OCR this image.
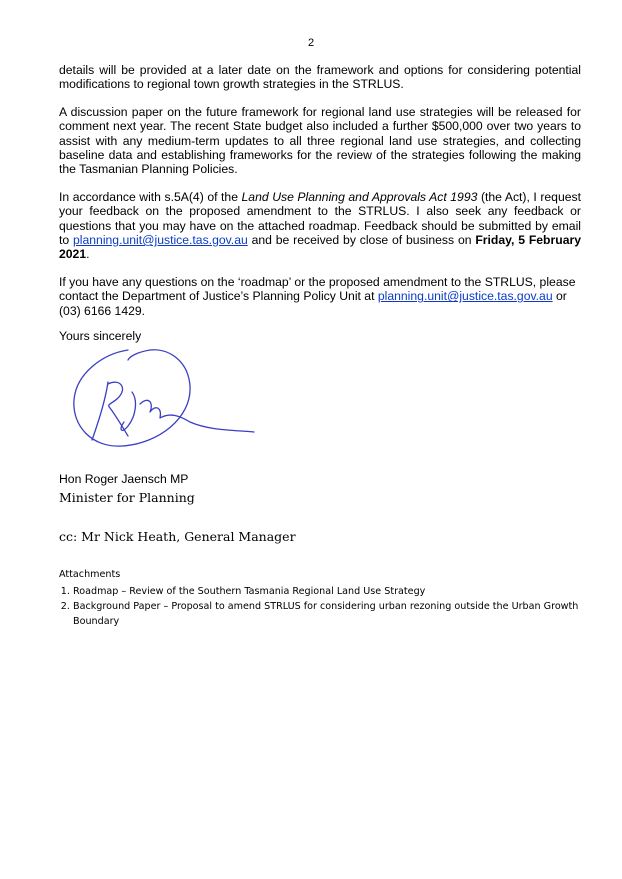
2

details will be provided at a later date on the framework and options for considering potential modifications to regional town growth strategies in the STRLUS.

A discussion paper on the future framework for regional land use strategies will be released for comment next year. The recent State budget also included a further $500,000 over two years to assist with any medium-term updates to all three regional land use strategies, and collecting baseline data and establishing frameworks for the review of the strategies following the making the Tasmanian Planning Policies.

In accordance with s.5A(4) of the Land Use Planning and Approvals Act 1993 (the Act), I request your feedback on the proposed amendment to the STRLUS. I also seek any feedback or questions that you may have on the attached roadmap. Feedback should be submitted by email to planning.unit@justice.tas.gov.au and be received by close of business on Friday, 5 February 2021.

If you have any questions on the ‘roadmap’ or the proposed amendment to the STRLUS, please contact the Department of Justice’s Planning Policy Unit at planning.unit@justice.tas.gov.au or (03) 6166 1429.

Yours sincerely
Hon Roger Jaensch MP
Minister for Planning
cc: Mr Nick Heath, General Manager
Attachments
1. Roadmap – Review of the Southern Tasmania Regional Land Use Strategy
2. Background Paper – Proposal to amend STRLUS for considering urban rezoning outside the Urban Growth Boundary
